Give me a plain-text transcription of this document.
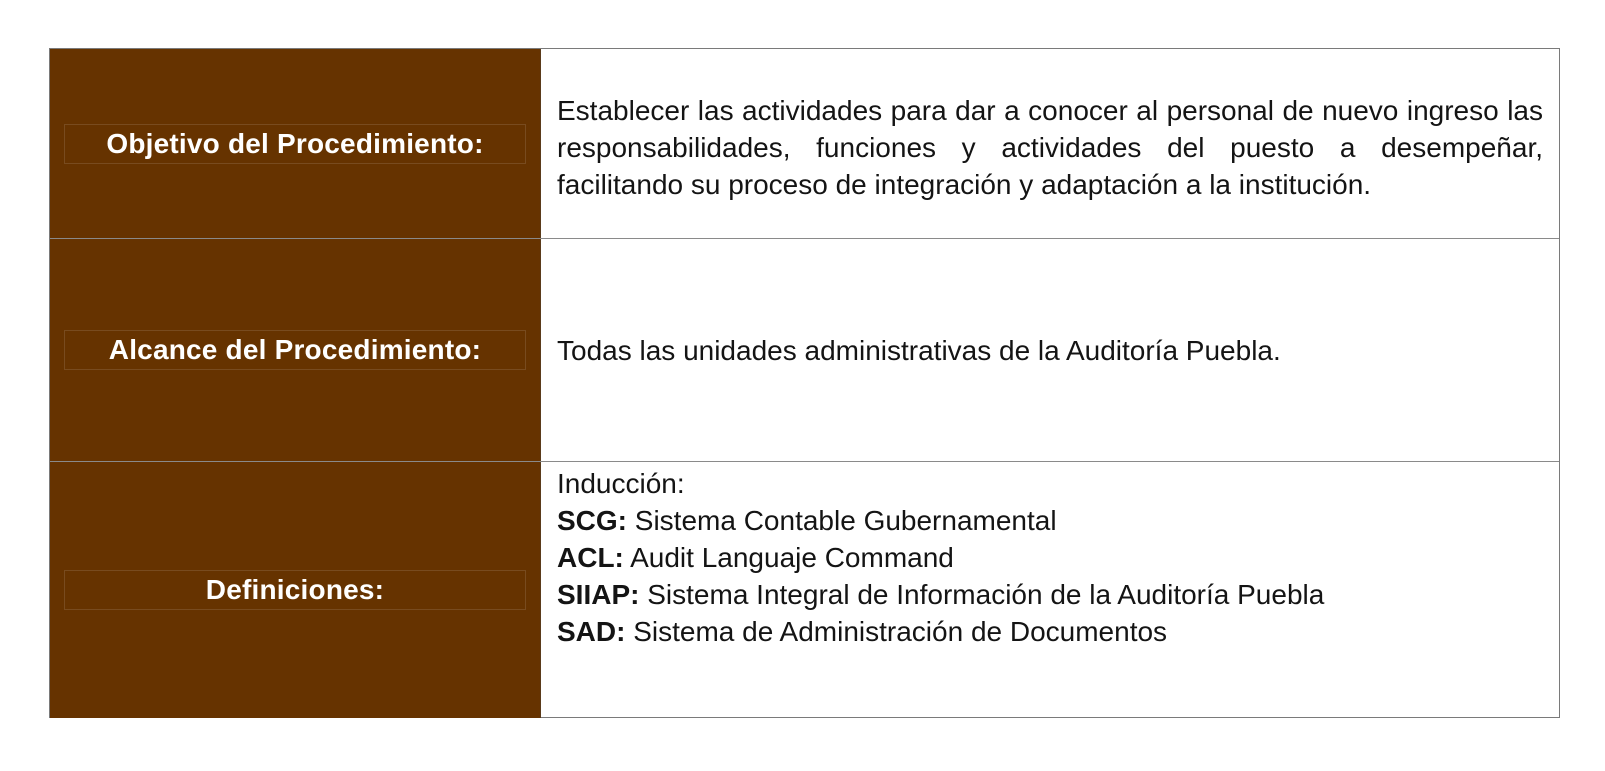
Objetivo del Procedimiento:
Establecer las actividades para dar a conocer al personal de nuevo ingreso las responsabilidades, funciones y actividades del puesto a desempeñar, facilitando su proceso de integración y adaptación a la institución.
Alcance del Procedimiento:	Todas las unidades administrativas de la Auditoría Puebla.
Definiciones:
Inducción:
SCG: Sistema Contable Gubernamental
ACL: Audit Languaje Command
SIIAP: Sistema Integral de Información de la Auditoría Puebla
SAD: Sistema de Administración de Documentos
